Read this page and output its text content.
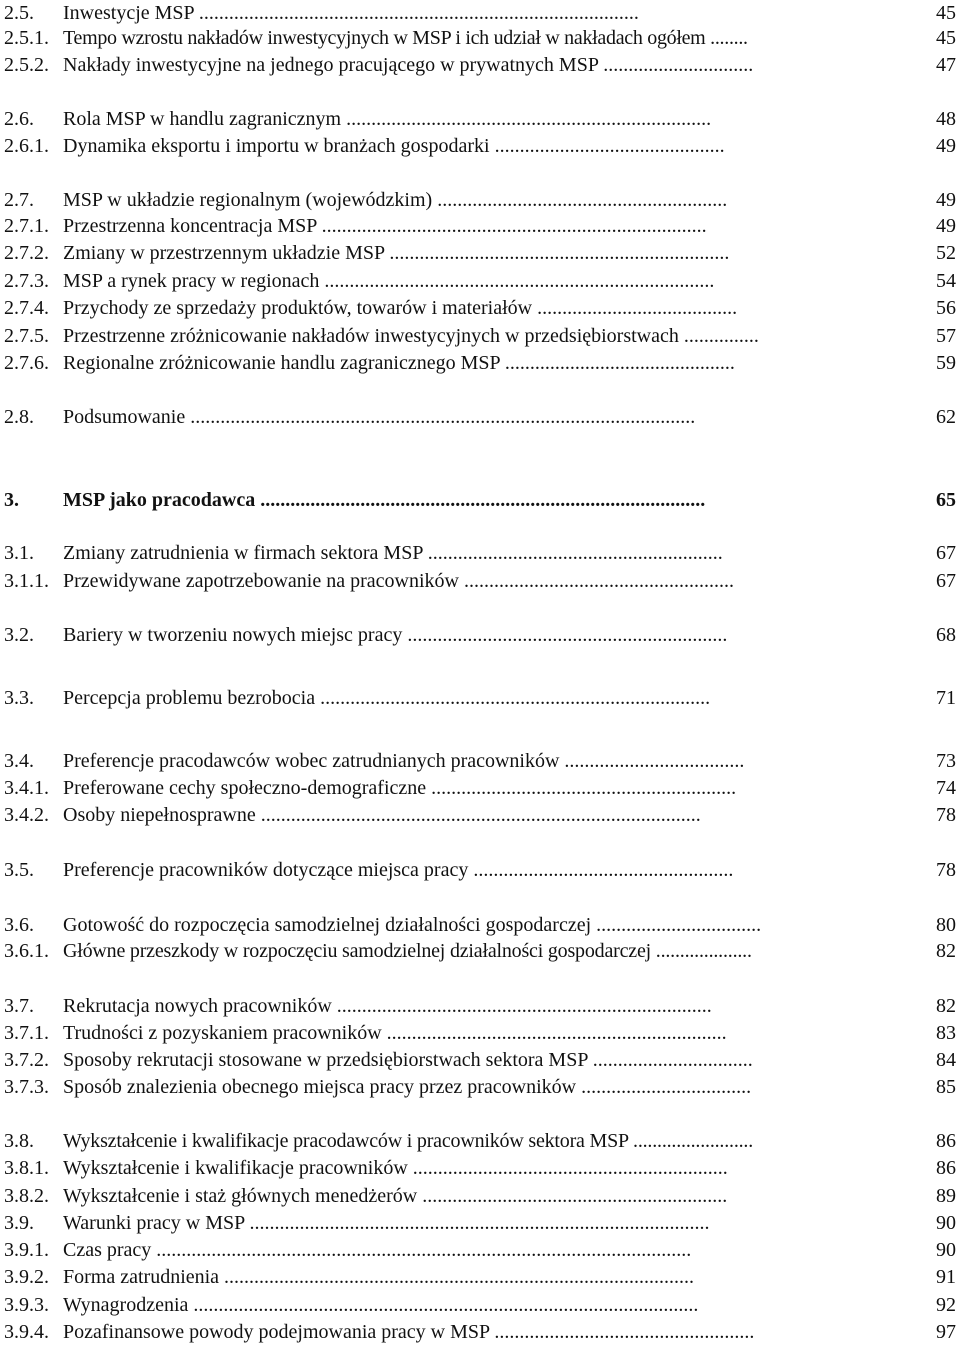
2.5. Inwestycje MSP ........................................................................................	45
2.5.1. Tempo wzrostu nakładów inwestycyjnych w MSP i ich udział w nakładach ogółem ........	45
2.5.2. Nakłady inwestycyjne na jednego pracującego w prywatnych MSP ..............................	47
2.6. Rola MSP w handlu zagranicznym .........................................................................	48
2.6.1. Dynamika eksportu i importu w branżach gospodarki ..............................................	49
2.7. MSP w układzie regionalnym (wojewódzkim) ..........................................................	49
2.7.1. Przestrzenna koncentracja MSP .............................................................................	49
2.7.2. Zmiany w przestrzennym układzie MSP ....................................................................	52
2.7.3. MSP a rynek pracy w regionach ..............................................................................	54
2.7.4. Przychody ze sprzedaży produktów, towarów i materiałów ........................................	56
2.7.5. Przestrzenne zróżnicowanie nakładów inwestycyjnych w przedsiębiorstwach ...............	57
2.7.6. Regionalne zróżnicowanie handlu zagranicznego MSP ..............................................	59
2.8. Podsumowanie .....................................................................................................	62
3. MSP jako pracodawca .........................................................................................	65
3.1. Zmiany zatrudnienia w firmach sektora MSP ...........................................................	67
3.1.1. Przewidywane zapotrzebowanie na pracowników ......................................................	67
3.2. Bariery w tworzeniu nowych miejsc pracy ................................................................	68
3.3. Percepcja problemu bezrobocia ..............................................................................	71
3.4. Preferencje pracodawców wobec zatrudnianych pracowników ....................................	73
3.4.1. Preferowane cechy społeczno-demograficzne .............................................................	74
3.4.2. Osoby niepełnosprawne ........................................................................................	78
3.5. Preferencje pracowników dotyczące miejsca pracy ....................................................	78
3.6. Gotowość do rozpoczęcia samodzielnej działalności gospodarczej .................................	80
3.6.1. Główne przeszkody w rozpoczęciu samodzielnej działalności gospodarczej ....................	82
3.7. Rekrutacja nowych pracowników ...........................................................................	82
3.7.1. Trudności z pozyskaniem pracowników ....................................................................	83
3.7.2. Sposoby rekrutacji stosowane w przedsiębiorstwach sektora MSP ................................	84
3.7.3. Sposób znalezienia obecnego miejsca pracy przez pracowników ..................................	85
3.8. Wykształcenie i kwalifikacje pracodawców i pracowników sektora MSP .........................	86
3.8.1. Wykształcenie i kwalifikacje pracowników ...............................................................	86
3.8.2. Wykształcenie i staż głównych menedżerów .............................................................	89
3.9. Warunki pracy w MSP ............................................................................................	90
3.9.1. Czas pracy ...........................................................................................................	90
3.9.2. Forma zatrudnienia ..............................................................................................	91
3.9.3. Wynagrodzenia .....................................................................................................	92
3.9.4. Pozafinansowe powody podejmowania pracy w MSP ....................................................	97
